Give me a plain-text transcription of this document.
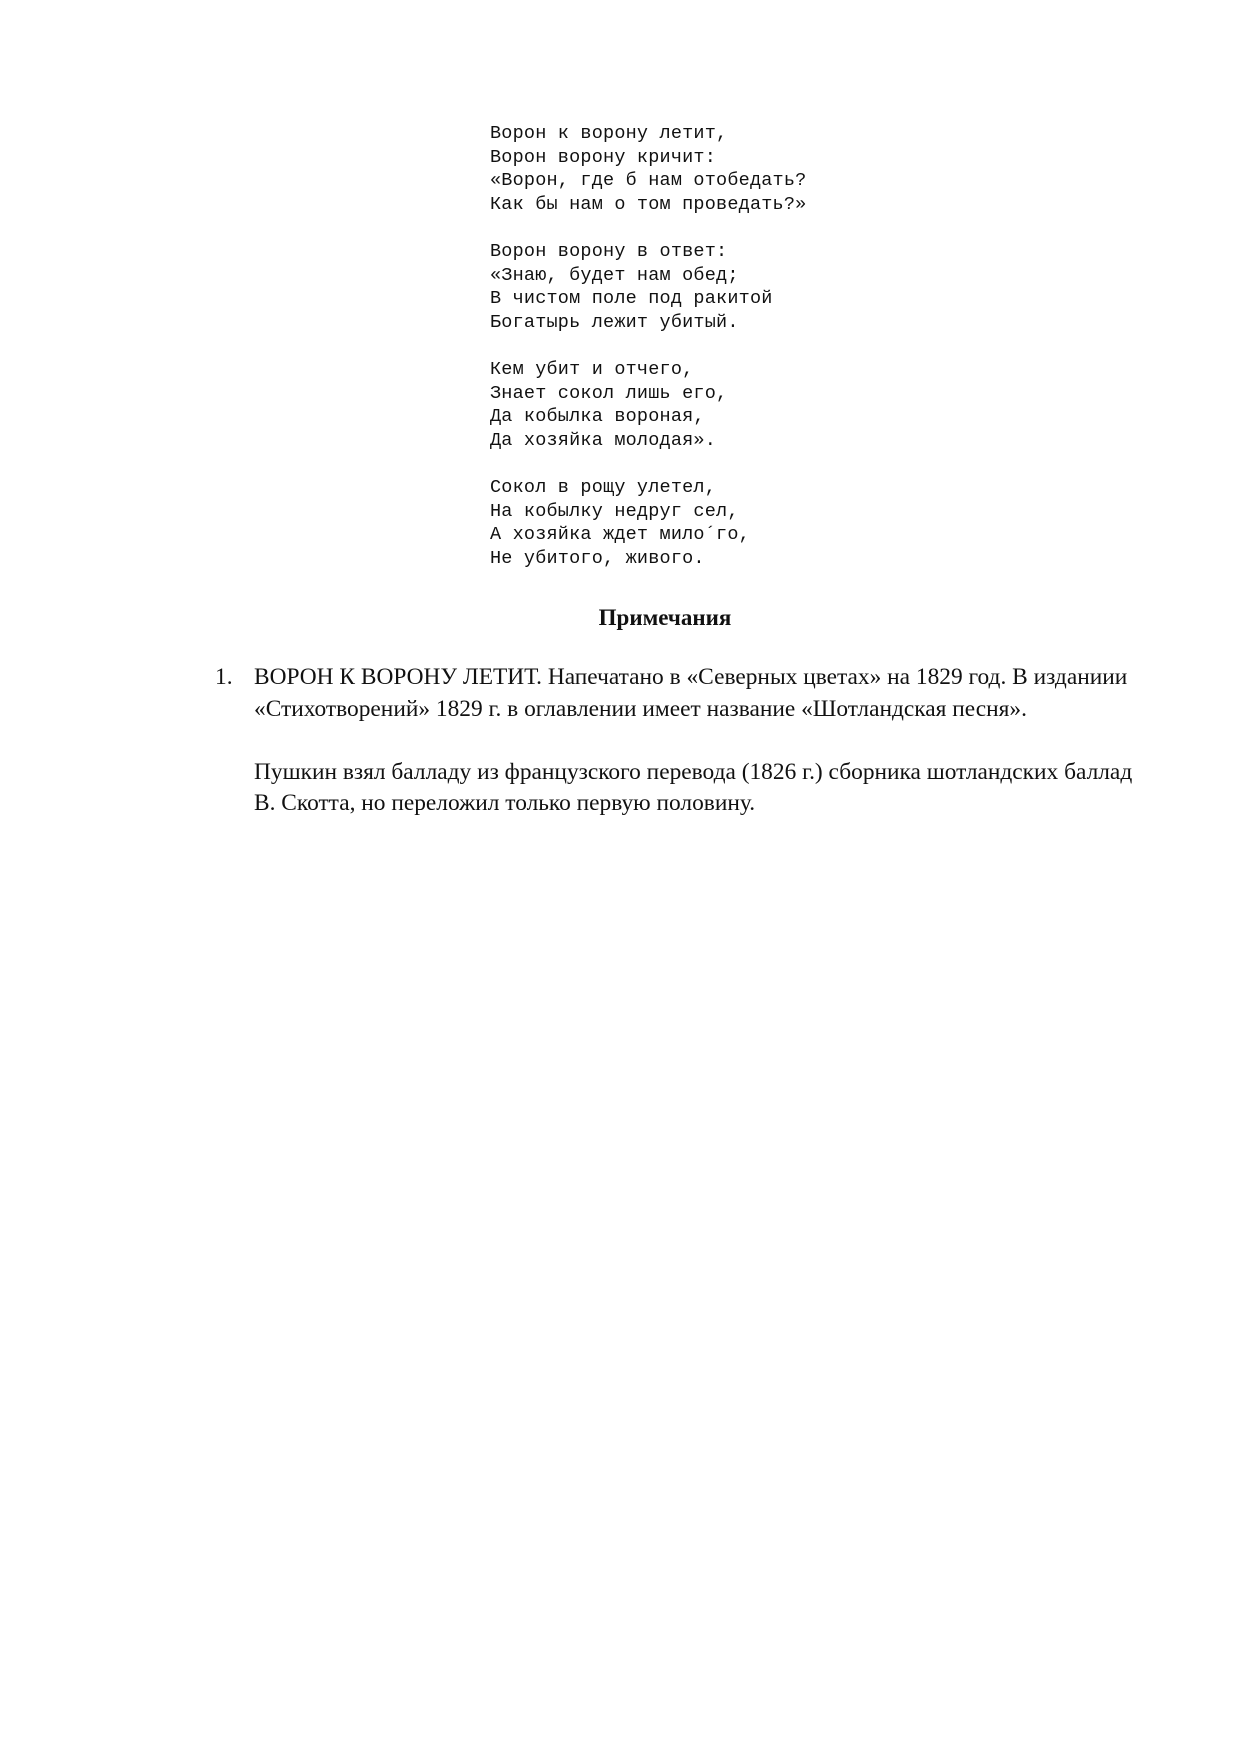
Ворон к ворону летит,
Ворон ворону кричит:
«Ворон, где б нам отобедать?
Как бы нам о том проведать?»
Ворон ворону в ответ:
«Знаю, будет нам обед;
В чистом поле под ракитой
Богатырь лежит убитый.
Кем убит и отчего,
Знает сокол лишь его,
Да кобылка вороная,
Да хозяйка молодая».
Сокол в рощу улетел,
На кобылку недруг сел,
А хозяйка ждет мило´го,
Не убитого, живого.
Примечания
1. ВОРОН К ВОРОНУ ЛЕТИТ. Напечатано в «Северных цветах» на 1829 год. В изданиии «Стихотворений» 1829 г. в оглавлении имеет название «Шотландская песня».

Пушкин взял балладу из французского перевода (1826 г.) сборника шотландских баллад В. Скотта, но переложил только первую половину.
